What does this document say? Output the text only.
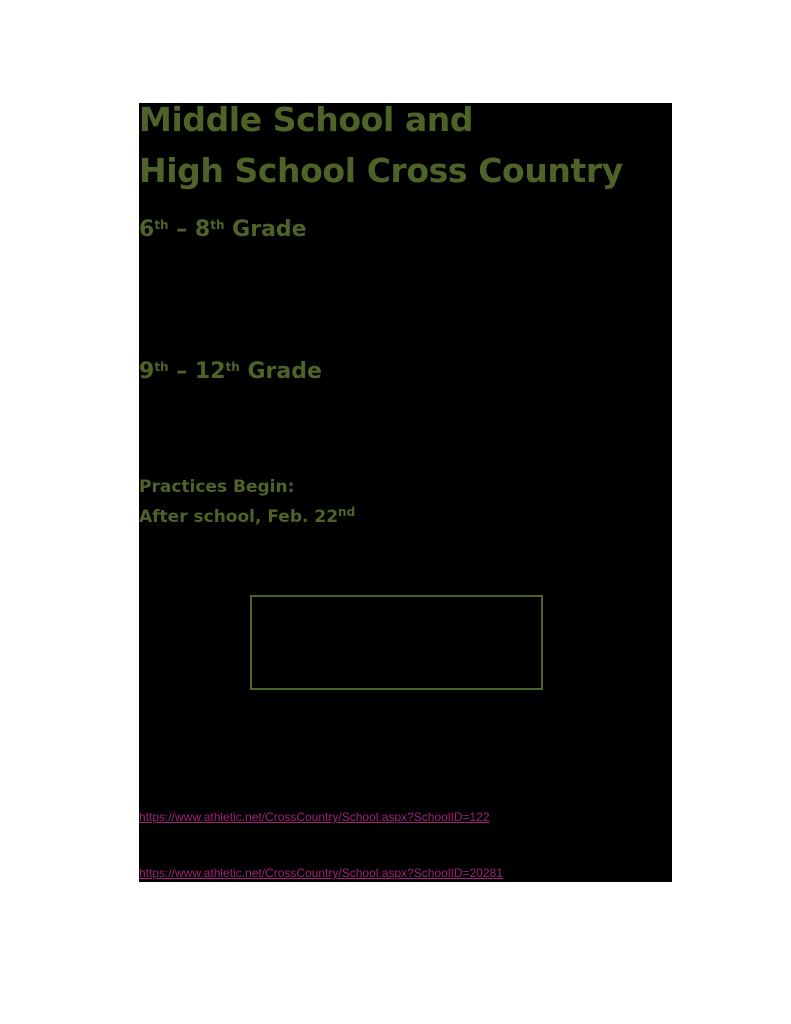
Middle School and
High School Cross Country
6th – 8th Grade
9th – 12th Grade
Practices Begin:
After school, Feb. 22nd
https://www.athletic.net/CrossCountry/School.aspx?SchoolID=122
https://www.athletic.net/CrossCountry/School.aspx?SchoolID=20281
